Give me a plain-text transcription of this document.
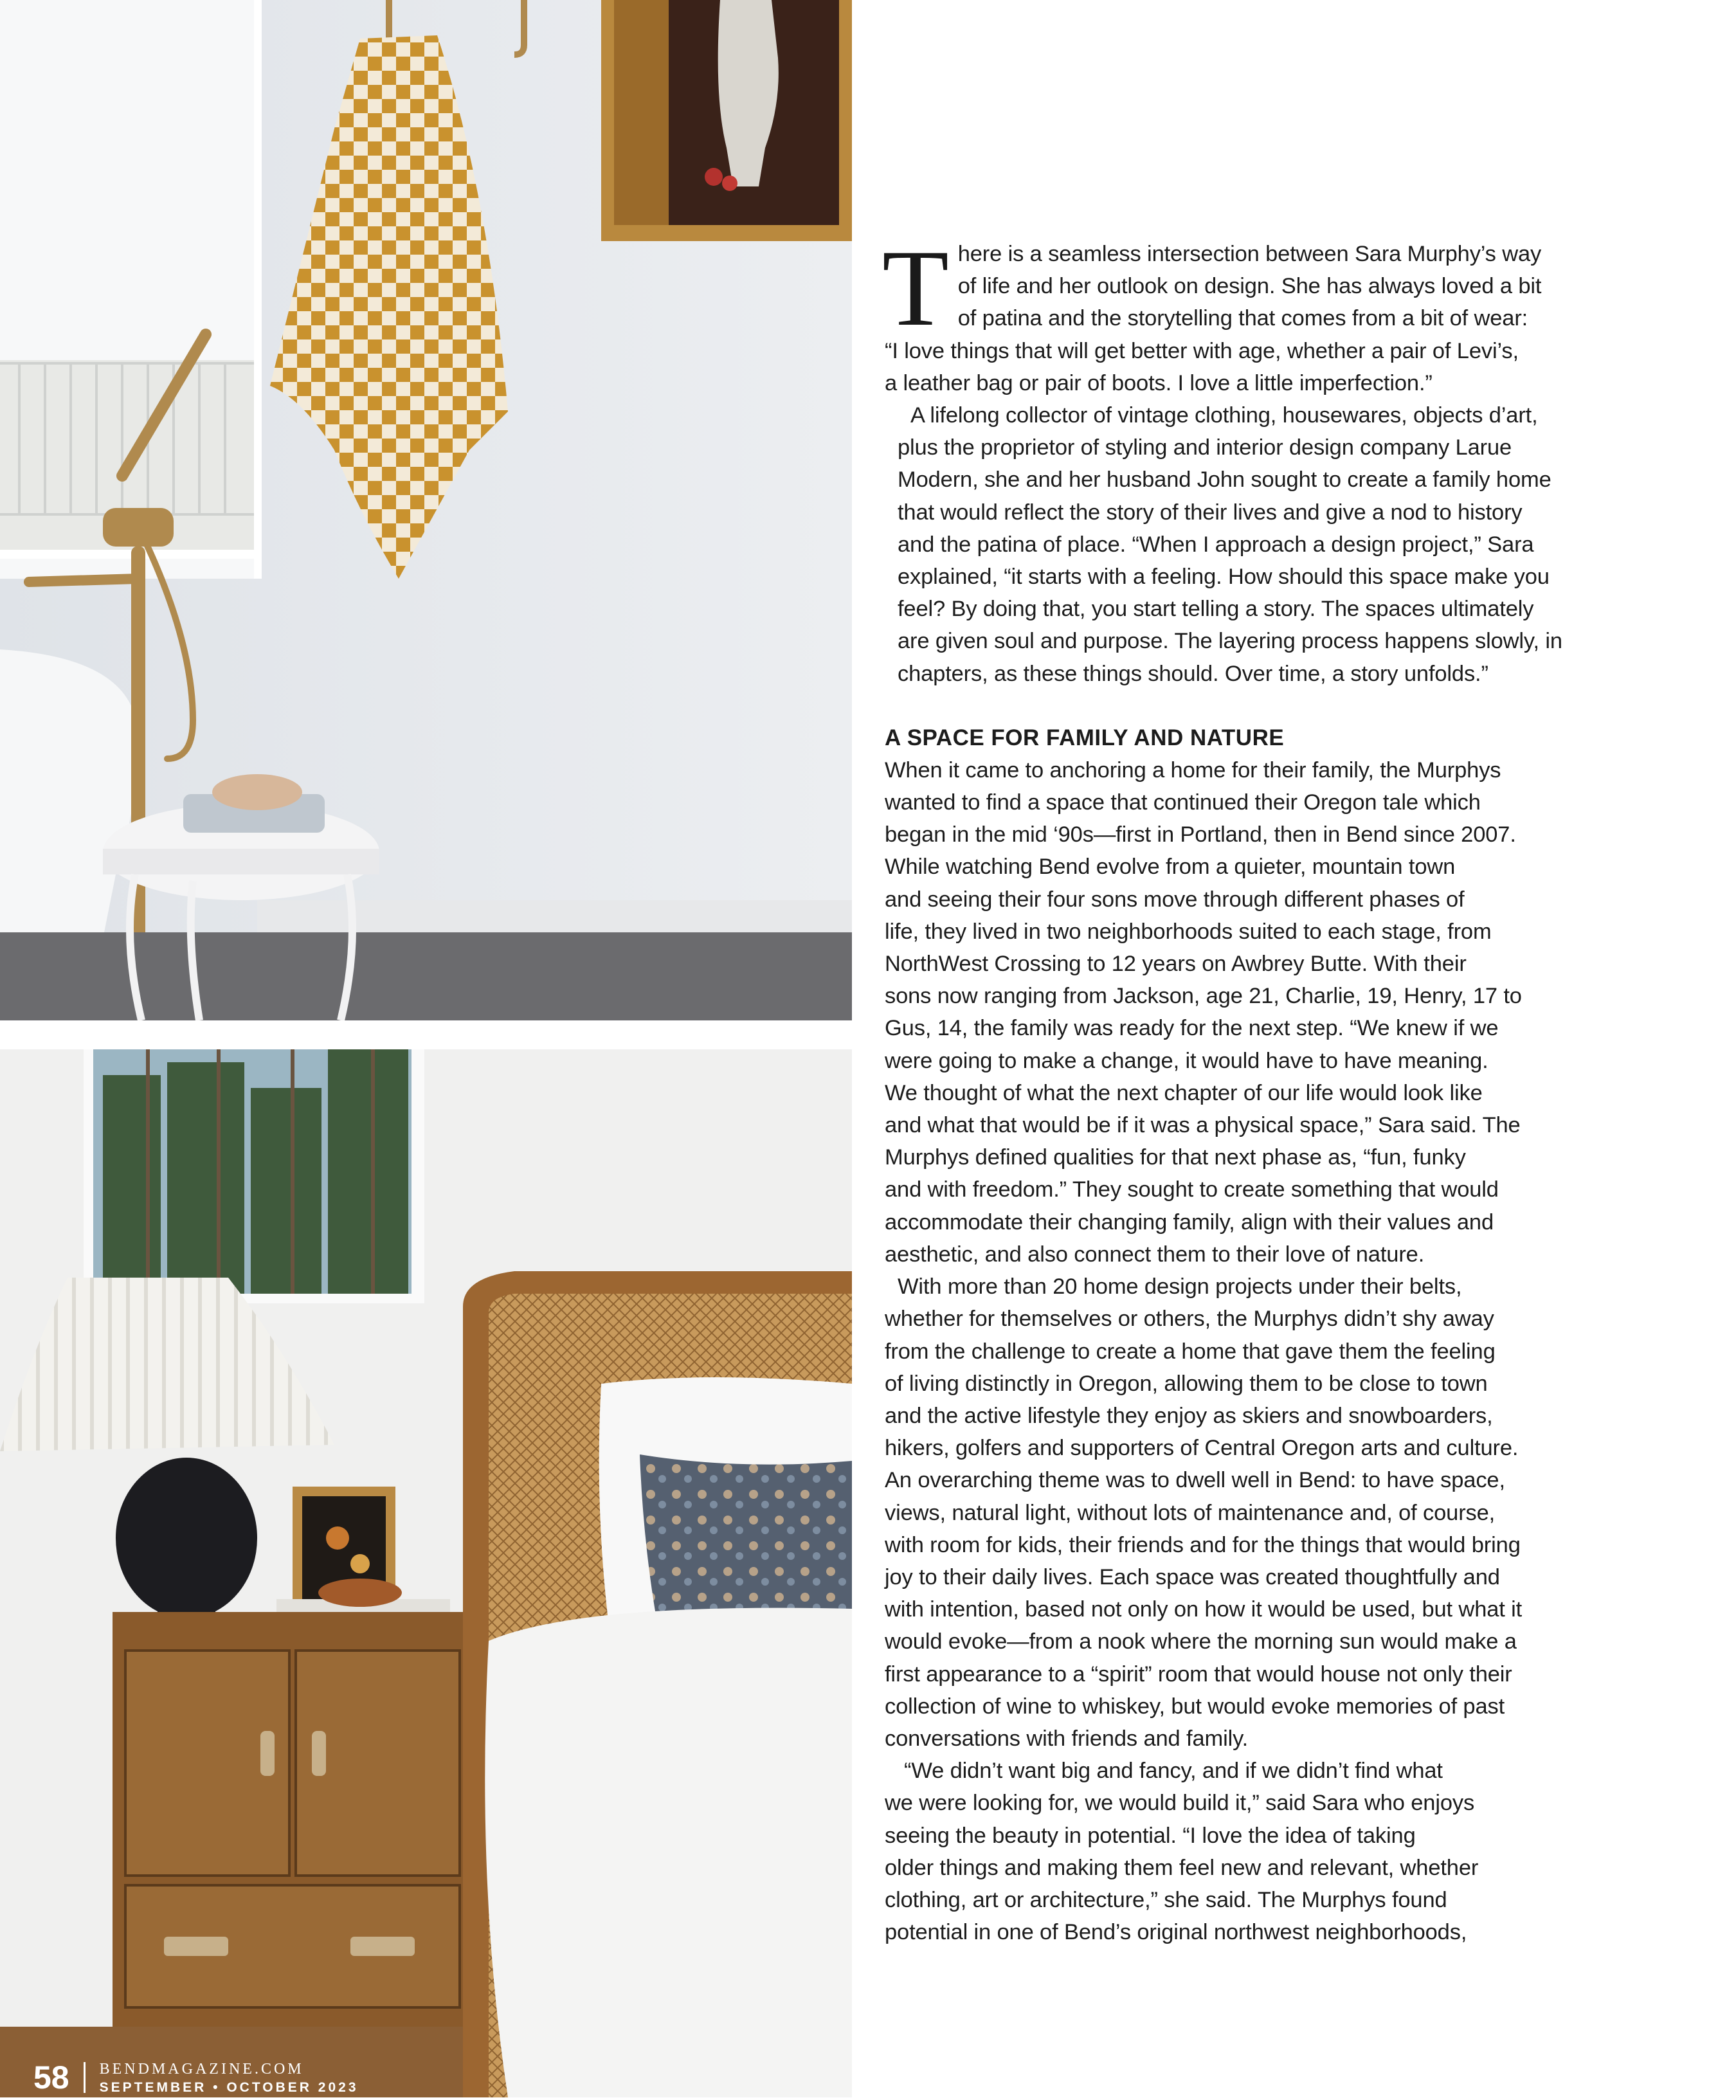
T here is a seamless intersection between Sara Murphy’s way
of life and her outlook on design. She has always loved a bit
of patina and the storytelling that comes from a bit of wear:
“I love things that will get better with age, whether a pair of Levi’s,
a leather bag or pair of boots. I love a little imperfection.”

A lifelong collector of vintage clothing, housewares, objects d’art,
plus the proprietor of styling and interior design company Larue
Modern, she and her husband John sought to create a family home
that would reflect the story of their lives and give a nod to history
and the patina of place. “When I approach a design project,” Sara
explained, “it starts with a feeling. How should this space make you
feel? By doing that, you start telling a story. The spaces ultimately
are given soul and purpose. The layering process happens slowly, in
chapters, as these things should. Over time, a story unfolds.”

A SPACE FOR FAMILY AND NATURE

When it came to anchoring a home for their family, the Murphys
wanted to find a space that continued their Oregon tale which
began in the mid ‘90s—first in Portland, then in Bend since 2007.
While watching Bend evolve from a quieter, mountain town
and seeing their four sons move through different phases of
life, they lived in two neighborhoods suited to each stage, from
NorthWest Crossing to 12 years on Awbrey Butte. With their
sons now ranging from Jackson, age 21, Charlie, 19, Henry, 17 to
Gus, 14, the family was ready for the next step. “We knew if we
were going to make a change, it would have to have meaning.
We thought of what the next chapter of our life would look like
and what that would be if it was a physical space,” Sara said. The
Murphys defined qualities for that next phase as, “fun, funky
and with freedom.” They sought to create something that would
accommodate their changing family, align with their values and
aesthetic, and also connect them to their love of nature.

With more than 20 home design projects under their belts,
whether for themselves or others, the Murphys didn’t shy away
from the challenge to create a home that gave them the feeling
of living distinctly in Oregon, allowing them to be close to town
and the active lifestyle they enjoy as skiers and snowboarders,
hikers, golfers and supporters of Central Oregon arts and culture.
An overarching theme was to dwell well in Bend: to have space,
views, natural light, without lots of maintenance and, of course,
with room for kids, their friends and for the things that would bring
joy to their daily lives. Each space was created thoughtfully and
with intention, based not only on how it would be used, but what it
would evoke—from a nook where the morning sun would make a
first appearance to a “spirit” room that would house not only their
collection of wine to whiskey, but would evoke memories of past
conversations with friends and family.

“We didn’t want big and fancy, and if we didn’t find what
we were looking for, we would build it,” said Sara who enjoys
seeing the beauty in potential. “I love the idea of taking
older things and making them feel new and relevant, whether
clothing, art or architecture,” she said. The Murphys found
potential in one of Bend’s original northwest neighborhoods,

58 BENDMAGAZINE.COM
SEPTEMBER • OCTOBER 2023
